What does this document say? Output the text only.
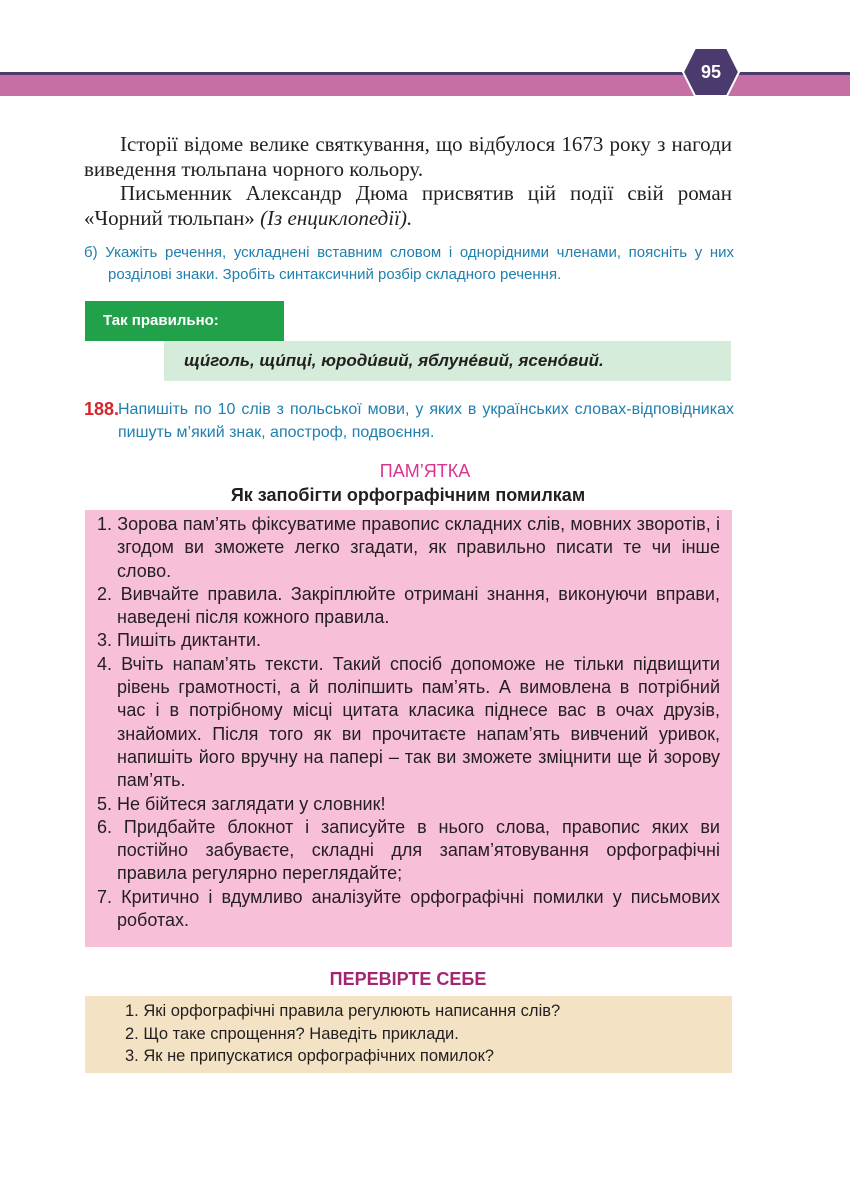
95
Історії відоме велике святкування, що відбулося 1673 року з нагоди виведення тюльпана чорного кольору.
Письменник Александр Дюма присвятив цій події свій роман «Чорний тюльпан» (Із енциклопедії).
б) Укажіть речення, ускладнені вставним словом і однорідними членами, поясніть у них розділові знаки. Зробіть синтаксичний розбір складного речення.
Так правильно:
щи́голь, щи́пці, юроди́вий, яблуне́вий, ясено́вий.
188.
Напишіть по 10 слів з польської мови, у яких в українських словах-відповідниках пишуть м’який знак, апостроф, подвоєння.
ПАМ’ЯТКА
Як запобігти орфографічним помилкам
1. Зорова пам’ять фіксуватиме правопис складних слів, мовних зворотів, і згодом ви зможете легко згадати, як правильно писати те чи інше слово.
2. Вивчайте правила. Закріплюйте отримані знання, виконуючи вправи, наведені після кожного правила.
3. Пишіть диктанти.
4. Вчіть напам’ять тексти. Такий спосіб допоможе не тільки підвищити рівень грамотності, а й поліпшить пам’ять. А вимовлена в потрібний час і в потрібному місці цитата класика піднесе вас в очах друзів, знайомих. Після того як ви прочитаєте напам’ять вивчений уривок, напишіть його вручну на папері – так ви зможете зміцнити ще й зорову пам’ять.
5. Не бійтеся заглядати у словник!
6. Придбайте блокнот і записуйте в нього слова, правопис яких ви постійно забуваєте, складні для запам’ятовування орфографічні правила регулярно переглядайте;
7. Критично і вдумливо аналізуйте орфографічні помилки у письмових роботах.
ПЕРЕВІРТЕ СЕБЕ
1. Які орфографічні правила регулюють написання слів?
2. Що таке спрощення? Наведіть приклади.
3. Як не припускатися орфографічних помилок?
